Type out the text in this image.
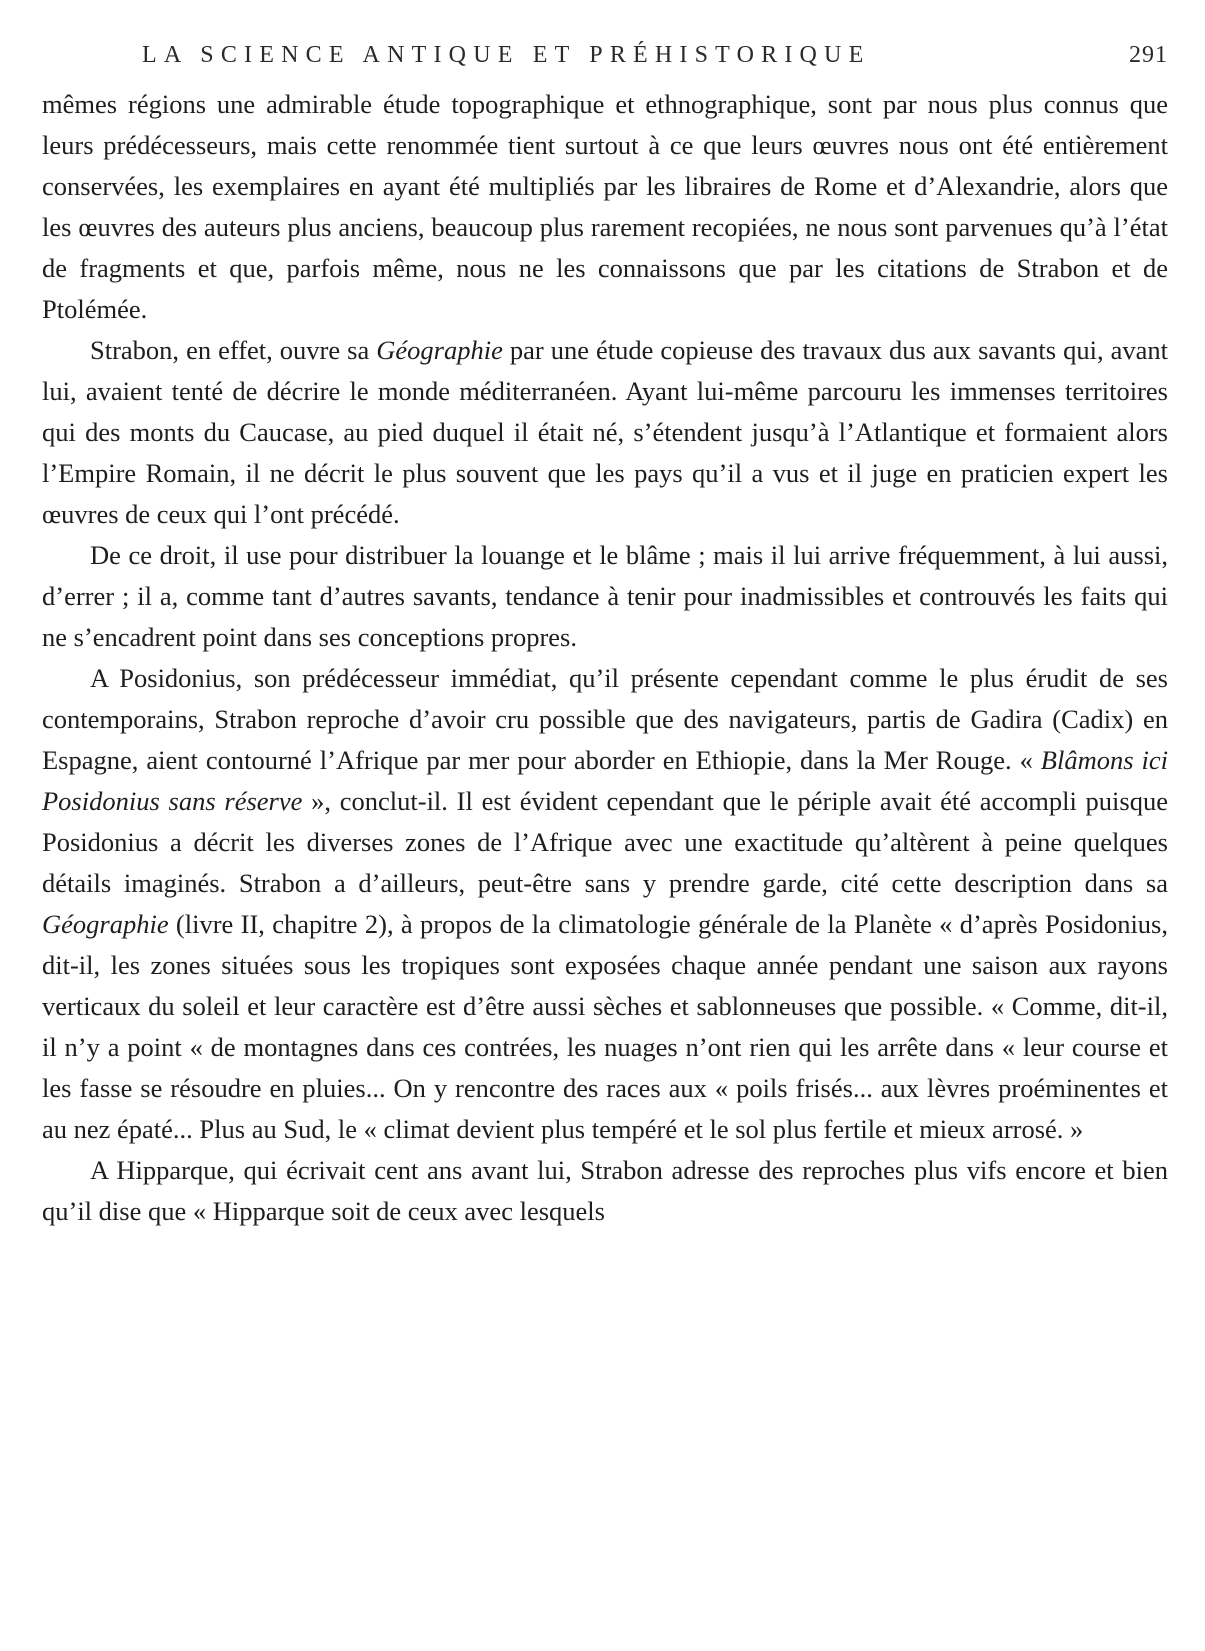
LA SCIENCE ANTIQUE ET PRÉHISTORIQUE	291

mêmes régions une admirable étude topographique et ethnographique, sont par nous plus connus que leurs prédécesseurs, mais cette renommée tient surtout à ce que leurs œuvres nous ont été entièrement conservées, les exemplaires en ayant été multipliés par les libraires de Rome et d’Alexandrie, alors que les œuvres des auteurs plus anciens, beaucoup plus rarement recopiées, ne nous sont parvenues qu’à l’état de fragments et que, parfois même, nous ne les connaissons que par les citations de Strabon et de Ptolémée.

Strabon, en effet, ouvre sa Géographie par une étude copieuse des travaux dus aux savants qui, avant lui, avaient tenté de décrire le monde méditerranéen. Ayant lui-même parcouru les immenses territoires qui des monts du Caucase, au pied duquel il était né, s’étendent jusqu’à l’Atlantique et formaient alors l’Empire Romain, il ne décrit le plus souvent que les pays qu’il a vus et il juge en praticien expert les œuvres de ceux qui l’ont précédé.

De ce droit, il use pour distribuer la louange et le blâme ; mais il lui arrive fréquemment, à lui aussi, d’errer ; il a, comme tant d’autres savants, tendance à tenir pour inadmissibles et controuvés les faits qui ne s’encadrent point dans ses conceptions propres.

A Posidonius, son prédécesseur immédiat, qu’il présente cependant comme le plus érudit de ses contemporains, Strabon reproche d’avoir cru possible que des navigateurs, partis de Gadira (Cadix) en Espagne, aient contourné l’Afrique par mer pour aborder en Ethiopie, dans la Mer Rouge. « Blâmons ici Posidonius sans réserve », conclut-il. Il est évident cependant que le périple avait été accompli puisque Posidonius a décrit les diverses zones de l’Afrique avec une exactitude qu’altèrent à peine quelques détails imaginés. Strabon a d’ailleurs, peut-être sans y prendre garde, cité cette description dans sa Géographie (livre II, chapitre 2), à propos de la climatologie générale de la Planète « d’après Posidonius, dit-il, les zones situées sous les tropiques sont exposées chaque année pendant une saison aux rayons verticaux du soleil et leur caractère est d’être aussi sèches et sablonneuses que possible. « Comme, dit-il, il n’y a point « de montagnes dans ces contrées, les nuages n’ont rien qui les arrête dans « leur course et les fasse se résoudre en pluies... On y rencontre des races aux « poils frisés... aux lèvres proéminentes et au nez épaté... Plus au Sud, le « climat devient plus tempéré et le sol plus fertile et mieux arrosé. »

A Hipparque, qui écrivait cent ans avant lui, Strabon adresse des reproches plus vifs encore et bien qu’il dise que « Hipparque soit de ceux avec lesquels
